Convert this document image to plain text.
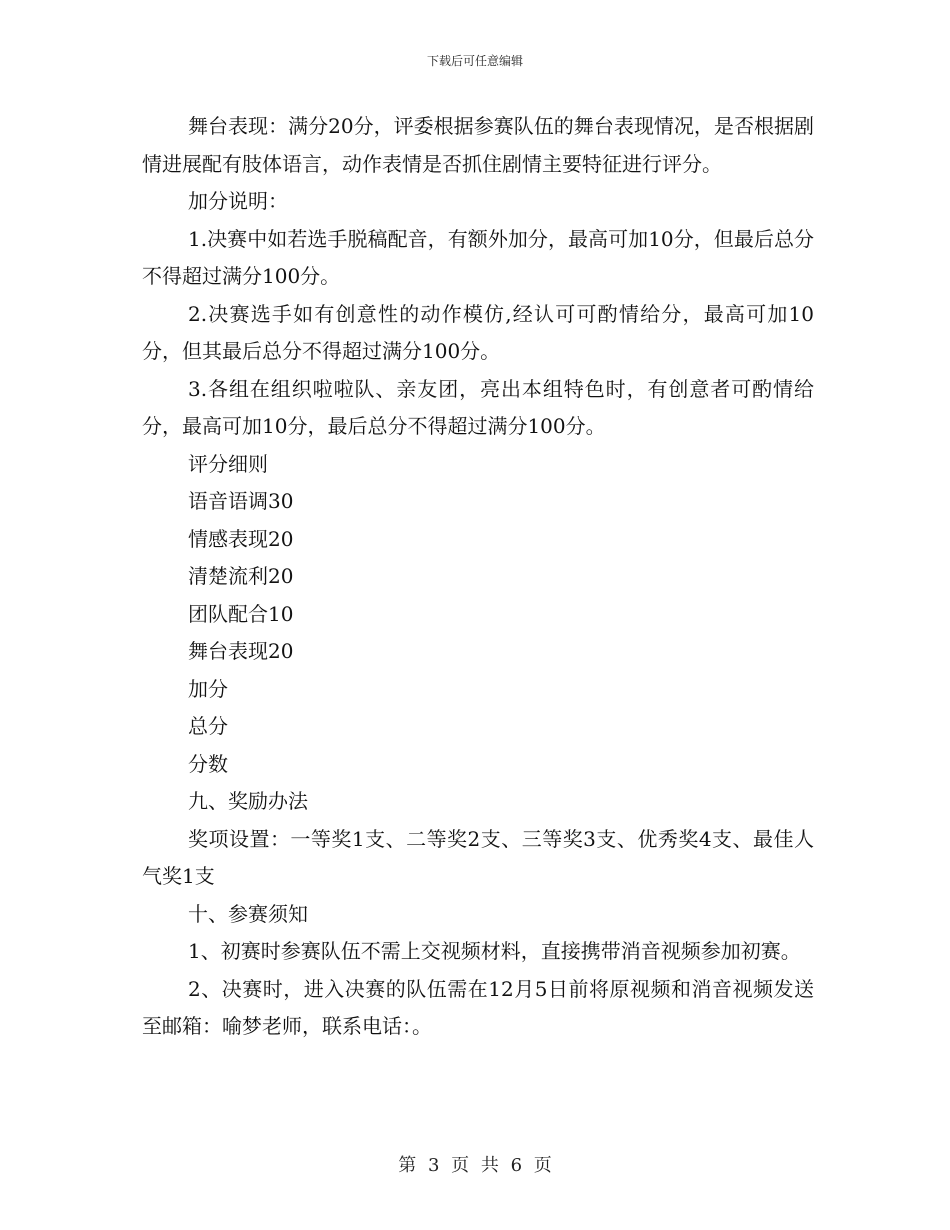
下载后可任意编辑

舞台表现：满分20分，评委根据参赛队伍的舞台表现情况，是否根据剧情进展配有肢体语言，动作表情是否抓住剧情主要特征进行评分。

加分说明：

1.决赛中如若选手脱稿配音，有额外加分，最高可加10分，但最后总分不得超过满分100分。

2.决赛选手如有创意性的动作模仿,经认可可酌情给分，最高可加10分，但其最后总分不得超过满分100分。

3.各组在组织啦啦队、亲友团，亮出本组特色时，有创意者可酌情给分，最高可加10分，最后总分不得超过满分100分。

评分细则

语音语调30

情感表现20

清楚流利20

团队配合10

舞台表现20

加分

总分

分数

九、奖励办法

奖项设置：一等奖1支、二等奖2支、三等奖3支、优秀奖4支、最佳人气奖1支

十、参赛须知

1、初赛时参赛队伍不需上交视频材料，直接携带消音视频参加初赛。

2、决赛时，进入决赛的队伍需在12月5日前将原视频和消音视频发送至邮箱：喻梦老师，联系电话：。

第 3 页 共 6 页
